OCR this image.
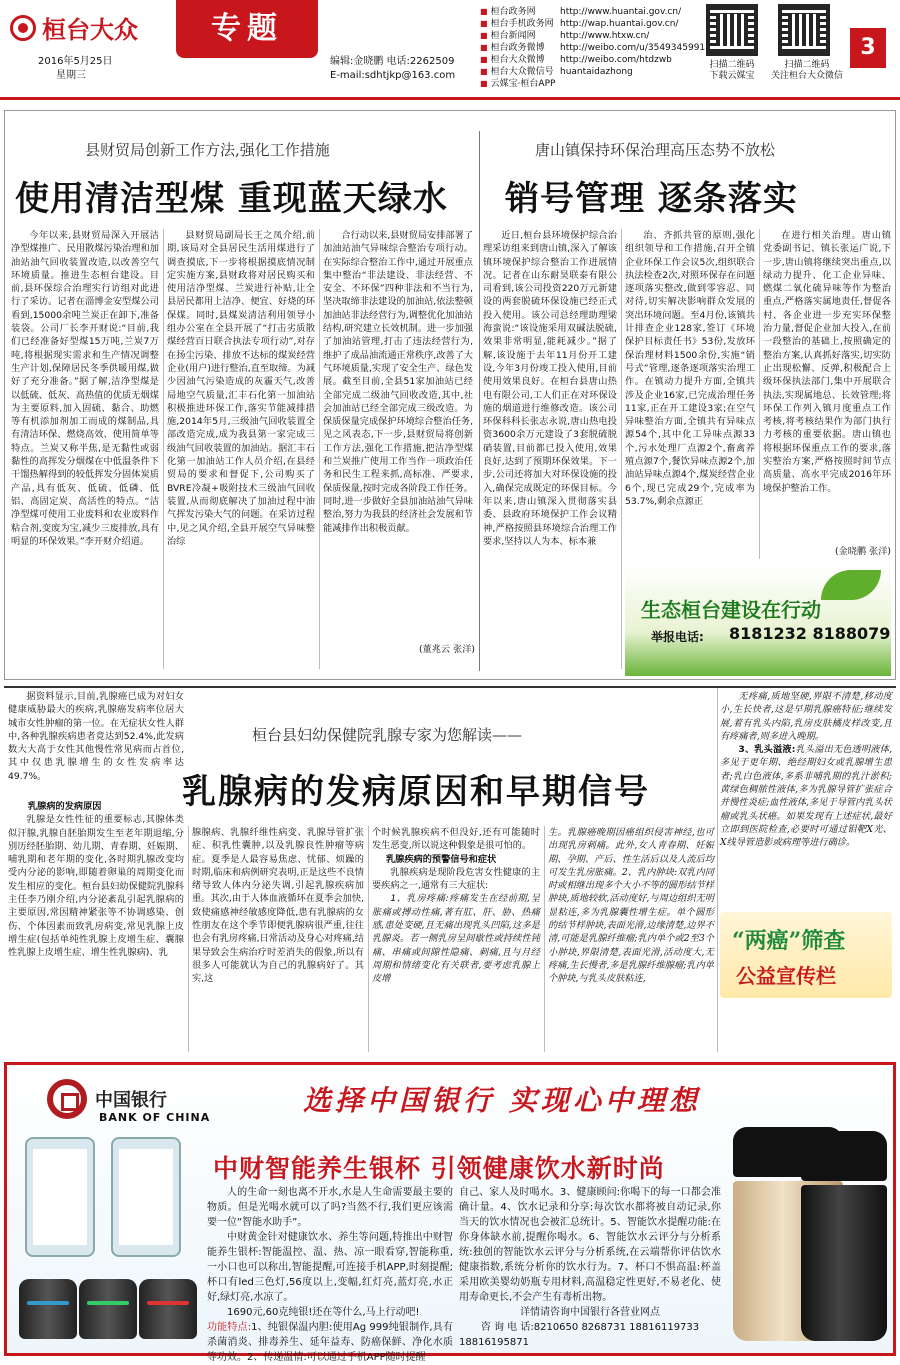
桓台大众
2016年5月25日
星期三
专题
编辑:金晓鹏 电话:2262509
E-mail:sdhtjkp@163.com
■ 桓台政务网	http://www.huantai.gov.cn/
■ 桓台手机政务网 http://wap.huantai.gov.cn/
■ 桓台新闻网	http://www.htxw.cn/
■ 桓台政务微博	http://weibo.com/u/3549345991
■ 桓台大众微博	http://weibo.com/htdzwb
■ 桓台大众微信号 huantaidazhong
■ 云媒宝·桓台APP
扫描二维码
下载云媒宝
扫描二维码
关注桓台大众微信
3
县财贸局创新工作方法,强化工作措施
使用清洁型煤 重现蓝天绿水
唐山镇保持环保治理高压态势不放松
销号管理 逐条落实

今年以来,县财贸局深入开展洁净型煤推广、民用散煤污染治理和加油站油气回收装置改造,以改善空气环境质量。推进生态桓台建设。目前,县环保综合治理实行访组对此进行了采访。记者在淄博金安型煤公司看到,15000余吨兰炭正在卸下,准备装袋。公司厂长李开财说:“目前,我们已经准备好型煤15万吨,兰炭7万吨,将根据现实需求和生产情况调整生产计划,保障居民冬季供暖用煤,做好了充分准备。”据了解,洁净型煤是以低硫、低灰、高热值的优质无烟煤为主要原料,加入固硫、黏合、助燃等有机添加剂加工而成的煤制品,具有清洁环保、燃烧高效、使用简单等特点。兰炭又称半焦,是无黏性或弱黏性的高挥发分烟煤在中低温条件下干馏热解得到的较低挥发分固体炭质产品,具有低灰、低硫、低磷、低铝、高固定炭、高活性的特点。“洁净型煤可使用工业废料和农业废料作粘合剂,变废为宝,减少三废排放,具有明显的环保效果。”李开财介绍道。

县财贸局副局长王之凤介绍,前期,该局对全县居民生活用煤进行了调查摸底,下一步将根据摸底情况制定实施方案,县财政将对居民购买和使用洁净型煤、兰炭进行补贴,让全县居民都用上洁净、便宜、好烧的环保煤。同时,县煤炭清洁利用领导小组办公室在全县开展了“打击劣质散煤经营百日联合执法专项行动”,对存在扬尘污染、排放不达标的煤炭经营企业(用户)进行整治,直至取缔。为减少因油气污染造成的灰霾天气,改善局地空气质量,汇丰石化第一加油站积极推进环保工作,落实节能减排措施,2014年5月,三级油气回收装置全部改造完成,成为我县第一家完成三级油气回收装置的加油站。据汇丰石化第一加油站工作人员介绍,在县经贸局的要求和督促下,公司购买了BVRE冷凝+吸附技术三级油气回收装置,从而彻底解决了加油过程中油气挥发污染大气的问题。在采访过程中,见之风介绍,全县开展空气异味整治综

合行动以来,县财贸局安排部署了加油站油气异味综合整治专项行动。在实际综合整治工作中,通过开展重点集中整治“非法建设、非法经营、不安全、不环保”四种非法和不当行为,坚决取缔非法建设的加油站,依法整顿加油站非法经营行为,调整优化加油站结构,研究建立长效机制。进一步加强了加油站管理,打击了违法经营行为,维护了成品油流通正常秩序,改善了大气环境质量,实现了安全生产、绿色发展。截至目前,全县51家加油站已经全部完成二级油气回收改造,其中,社会加油站已经全部完成三级改造。为保质保量完成保护环境综合整治任务,见之风表态,下一步,县财贸局将创新工作方法,强化工作措施,把洁净型煤和兰炭推广使用工作当作一项政治任务和民生工程来抓,高标准、严要求,保质保量,按时完成各阶段工作任务。同时,进一步做好全县加油站油气异味整治,努力为我县的经济社会发展和节能减排作出积极贡献。

(董兆云 张洋)

近日,桓台县环境保护综合治理采访组来到唐山镇,深入了解该镇环境保护综合整治工作进展情况。记者在山东耐昊联泰有限公司看到,该公司投资220万元新建设的两套脱硫环保设施已经正式投入使用。该公司总经理助理梁海蛮说:“该设施采用双碱法脱硫,效果非常明显,能耗减少。”据了解,该设施于去年11月份开工建设,今年3月份竣工投入使用,目前使用效果良好。在桓台县唐山热电有限公司,工人们正在对环保设施的烟道进行维修改造。该公司环保科科长张志永说,唐山热电投资3600余万元建设了3套脱硫脱硝装置,目前都已投入使用,效果良好,达到了预期环保效果。下一步,公司还将加大对环保设施的投入,确保完成既定的环保目标。今年以来,唐山镇深入贯彻落实县委、县政府环境保护工作会议精神,严格按照县环境综合治理工作要求,坚持以人为本、标本兼

治、齐抓共管的原则,强化组织领导和工作措施,召开全镇企业环保工作会议5次,组织联合执法检查2次,对照环保存在问题逐项落实整改,做到零容忍、同对待,切实解决影响群众发展的突出环境问题。至4月份,该镇共计排查企业128家,签订《环境保护目标责任书》53份,发放环保治理材料1500余份,实施“销号式”管理,逐条逐项落实治理工作。在镇动力提升方面,全镇共涉及企业16家,已完成治理任务11家,正在开工建设3家;在空气异味整治方面,全镇共有异味点源54个,其中化工异味点源33个,污水处理厂点源2个,畜禽养殖点源7个,餐饮异味点源2个,加油站异味点源4个,煤炭经营企业6个,现已完成29个,完成率为53.7%,剩余点源正

在进行相关治理。唐山镇党委副书记、镇长张运广说,下一步,唐山镇将继续突出重点,以绿动力提升、化工企业异味、燃煤二氧化硫异味等作为整治重点,严格落实属地责任,督促各村、各企业进一步充实环保整治力量,督促企业加大投入,在前一段整治的基础上,按照确定的整治方案,认真抓好落实,切实防止出现松懈、反弹,积极配合上级环保执法部门,集中开展联合执法,实现属地总、长效管理;将环保工作列入镇月度重点工作考核,将考核结果作为部门执行力考核的重要依据。唐山镇也将根据环保重点工作的要求,落实整治方案,严格按照时间节点高质量、高水平完成2016年环境保护整治工作。

(金晓鹏 张洋)
生态桓台建设在行动
举报电话: 8181232 8188079

据资料显示,目前,乳腺癌已成为对妇女健康威胁最大的疾病,乳腺癌发病率位居大城市女性肿瘤的第一位。在无症状女性人群中,各种乳腺疾病患者竟达到52.4%,此发病数大大高于女性其他慢性常见病而占首位,其中仅患乳腺增生的女性发病率达49.7%。

桓台县妇幼保健院乳腺专家为您解读——
乳腺病的发病原因和早期信号

乳腺病的发病原因

乳腺是女性性征的重要标志,其腺体类似汗腺,乳腺自胚胎期发生至老年期退缩,分别历经胚胎期、幼儿期、青春期、妊娠期、哺乳期和老年期的变化,各时期乳腺改变均受内分泌的影响,即随着卵巢的周期变化而发生相应的变化。桓台县妇幼保健院乳腺科主任李乃刚介绍,内分泌紊乱引起乳腺病的主要原因,常因精神紧张等不协调感染、创伤、个体因素而致乳房病变,常见乳腺上皮增生症(包括单纯性乳腺上皮增生症、囊腺性乳腺上皮增生症、增生性乳腺病)、乳

腺腺病、乳腺纤维性病变、乳腺导管扩张症、积乳性囊肿,以及乳腺良性肿瘤等病症。夏季是人最容易焦虑、忧郁、烦躁的时期,临床和病例研究表明,正是这些不良情绪导致人体内分泌失调,引起乳腺疾病加重。其次,由于人体血液循环在夏季会加快,致使痛感神经敏感度降低,患有乳腺病的女性朋友在这个季节即便乳腺病很严重,往往也会有乳房疼痛,日常活动及身心对疼痛,结果导致会生病治疗时差消失的假象,所以有很多人可能就认为自己的乳腺病好了。其实,这

个时候乳腺疾病不但没好,还有可能随时发生恶变,所以说这种假象是很可怕的。

乳腺疾病的预警信号和症状

乳腺疾病是现阶段危害女性健康的主要疾病之一,通常有三大症状:

1、乳房疼痛:疼痛发生在经前期,呈胀痛或搏动性痛,著有肛、肝、胁、热痛感,患处变硬,且无痛出现乳头凹陷,这多是乳腺炎。若一侧乳房呈间歇性或持续性钝痛、串痛或间隙性隐痛、刺痛,且与月经周期和情绪变化有关联者,要考虑乳腺上皮增

生。乳腺癌晚期因癌组织侵害神经,也可出现乳房刺痛。此外,女人青春期、妊娠期、孕期、产后、性生活后以及人流后均可发生乳房胀痛。2、乳内肿块:双乳内同时或相继出现多个大小不等的圆形结节样肿块,质地较软,活动度好,与周边组织无明显粘连,多为乳腺囊性增生症。单个圆形的结节样肿块,表面光滑,边缘清楚,边界不清,可能是乳腺纤维瘤;乳内单个或2至3个小肿块,界限清楚,表面光滑,活动度大,无疼痛,生长慢者,多是乳腺纤维腺瘤;乳内单个肿块,与乳头皮肤粘连,

无疼痛,质地坚硬,界限不清楚,移动度小,生长快者,这是早期乳腺癌特征;继续发展,着有乳头内陷,乳房皮肤橘皮样改变,且有疼痛者,则多进入晚期。

3、乳头溢液:乳头溢出无色透明液体,多见于更年期、绝经期妇女或乳腺增生患者;乳白色液体,多系非哺乳期的乳汁淤积;黄绿色稠脓性液体,多为乳腺导管扩张症合并慢性炎症;血性液体,多见于导管内乳头状瘤或乳头状癌。如果发现有上述症状,最好立即到医院检查,必要时可通过钼靶X光、X线导管造影或病理等进行确诊。

“两癌”筛查
公益宣传栏
中国银行
BANK OF CHINA
选择中国银行 实现心中理想
中财智能养生银杯 引领健康饮水新时尚

人的生命一刻也离不开水,水是人生命需要最主要的物质。但是光喝水就可以了吗?当然不行,我们更应该需要一位“智能水助手”。

中财黄金针对健康饮水、养生等问题,特推出中财智能养生银杯:智能温控、温、热、凉一眼看穿,智能称重,一小口也可以称出,智能提醒,可连接手机APP,时刻提醒;杯口有led三色灯,56度以上,变幅,红灯亮,蓝灯亮,水正好,绿灯亮,水凉了。

1690元,60克纯银!还在等什么,马上行动吧!

功能特点:1、纯银保温内胆:使用Ag 999纯银制作,具有杀菌消炎、排毒养生、延年益寿、防癌保鲜、净化水质等功效。2、传递温情:可以通过手机APP随时提醒

自己、家人及时喝水。3、健康顾问:你喝下的每一口都会准确计量。4、饮水记录和分享:每次饮水都将被自动记录,你当天的饮水情况也会被汇总统计。5、智能饮水提醒功能:在你身体缺水前,提醒你喝水。6、智能饮水云评分与分析系统:独创的智能饮水云评分与分析系统,在云端帮你评估饮水健康指数,系统分析你的饮水行为。7、杯口不惧高温:杯盖采用欧美婴幼奶瓶专用材料,高温稳定性更好,不易老化、使用寿命更长,不会产生有毒析出物。

详情请咨询中国银行各营业网点

咨 询 电 话:8210650 8268731 18816119733

18816195871
